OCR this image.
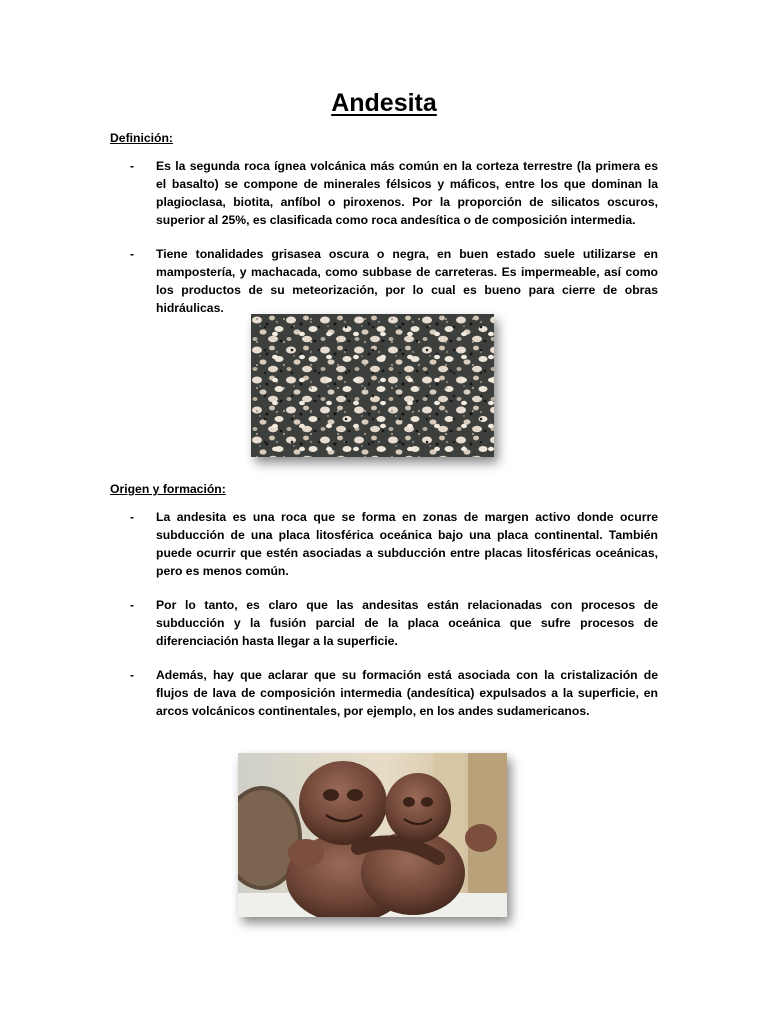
Andesita
Definición:
- Es la segunda roca ígnea volcánica más común en la corteza terrestre (la primera es el basalto) se compone de minerales félsicos y máficos, entre los que dominan la plagioclasa, biotita, anfíbol o piroxenos. Por la proporción de silicatos oscuros, superior al 25%, es clasificada como roca andesítica o de composición intermedia.
- Tiene tonalidades grisasea oscura o negra, en buen estado suele utilizarse en mampostería, y machacada, como subbase de carreteras. Es impermeable, así como los productos de su meteorización, por lo cual es bueno para cierre de obras hidráulicas.
Origen y formación:
- La andesita es una roca que se forma en zonas de margen activo donde ocurre subducción de una placa litosférica oceánica bajo una placa continental. También puede ocurrir que estén asociadas a subducción entre placas litosféricas oceánicas, pero es menos común.
- Por lo tanto, es claro que las andesitas están relacionadas con procesos de subducción y la fusión parcial de la placa oceánica que sufre procesos de diferenciación hasta llegar a la superficie.
- Además, hay que aclarar que su formación está asociada con la cristalización de flujos de lava de composición intermedia (andesítica) expulsados a la superficie, en arcos volcánicos continentales, por ejemplo, en los andes sudamericanos.
